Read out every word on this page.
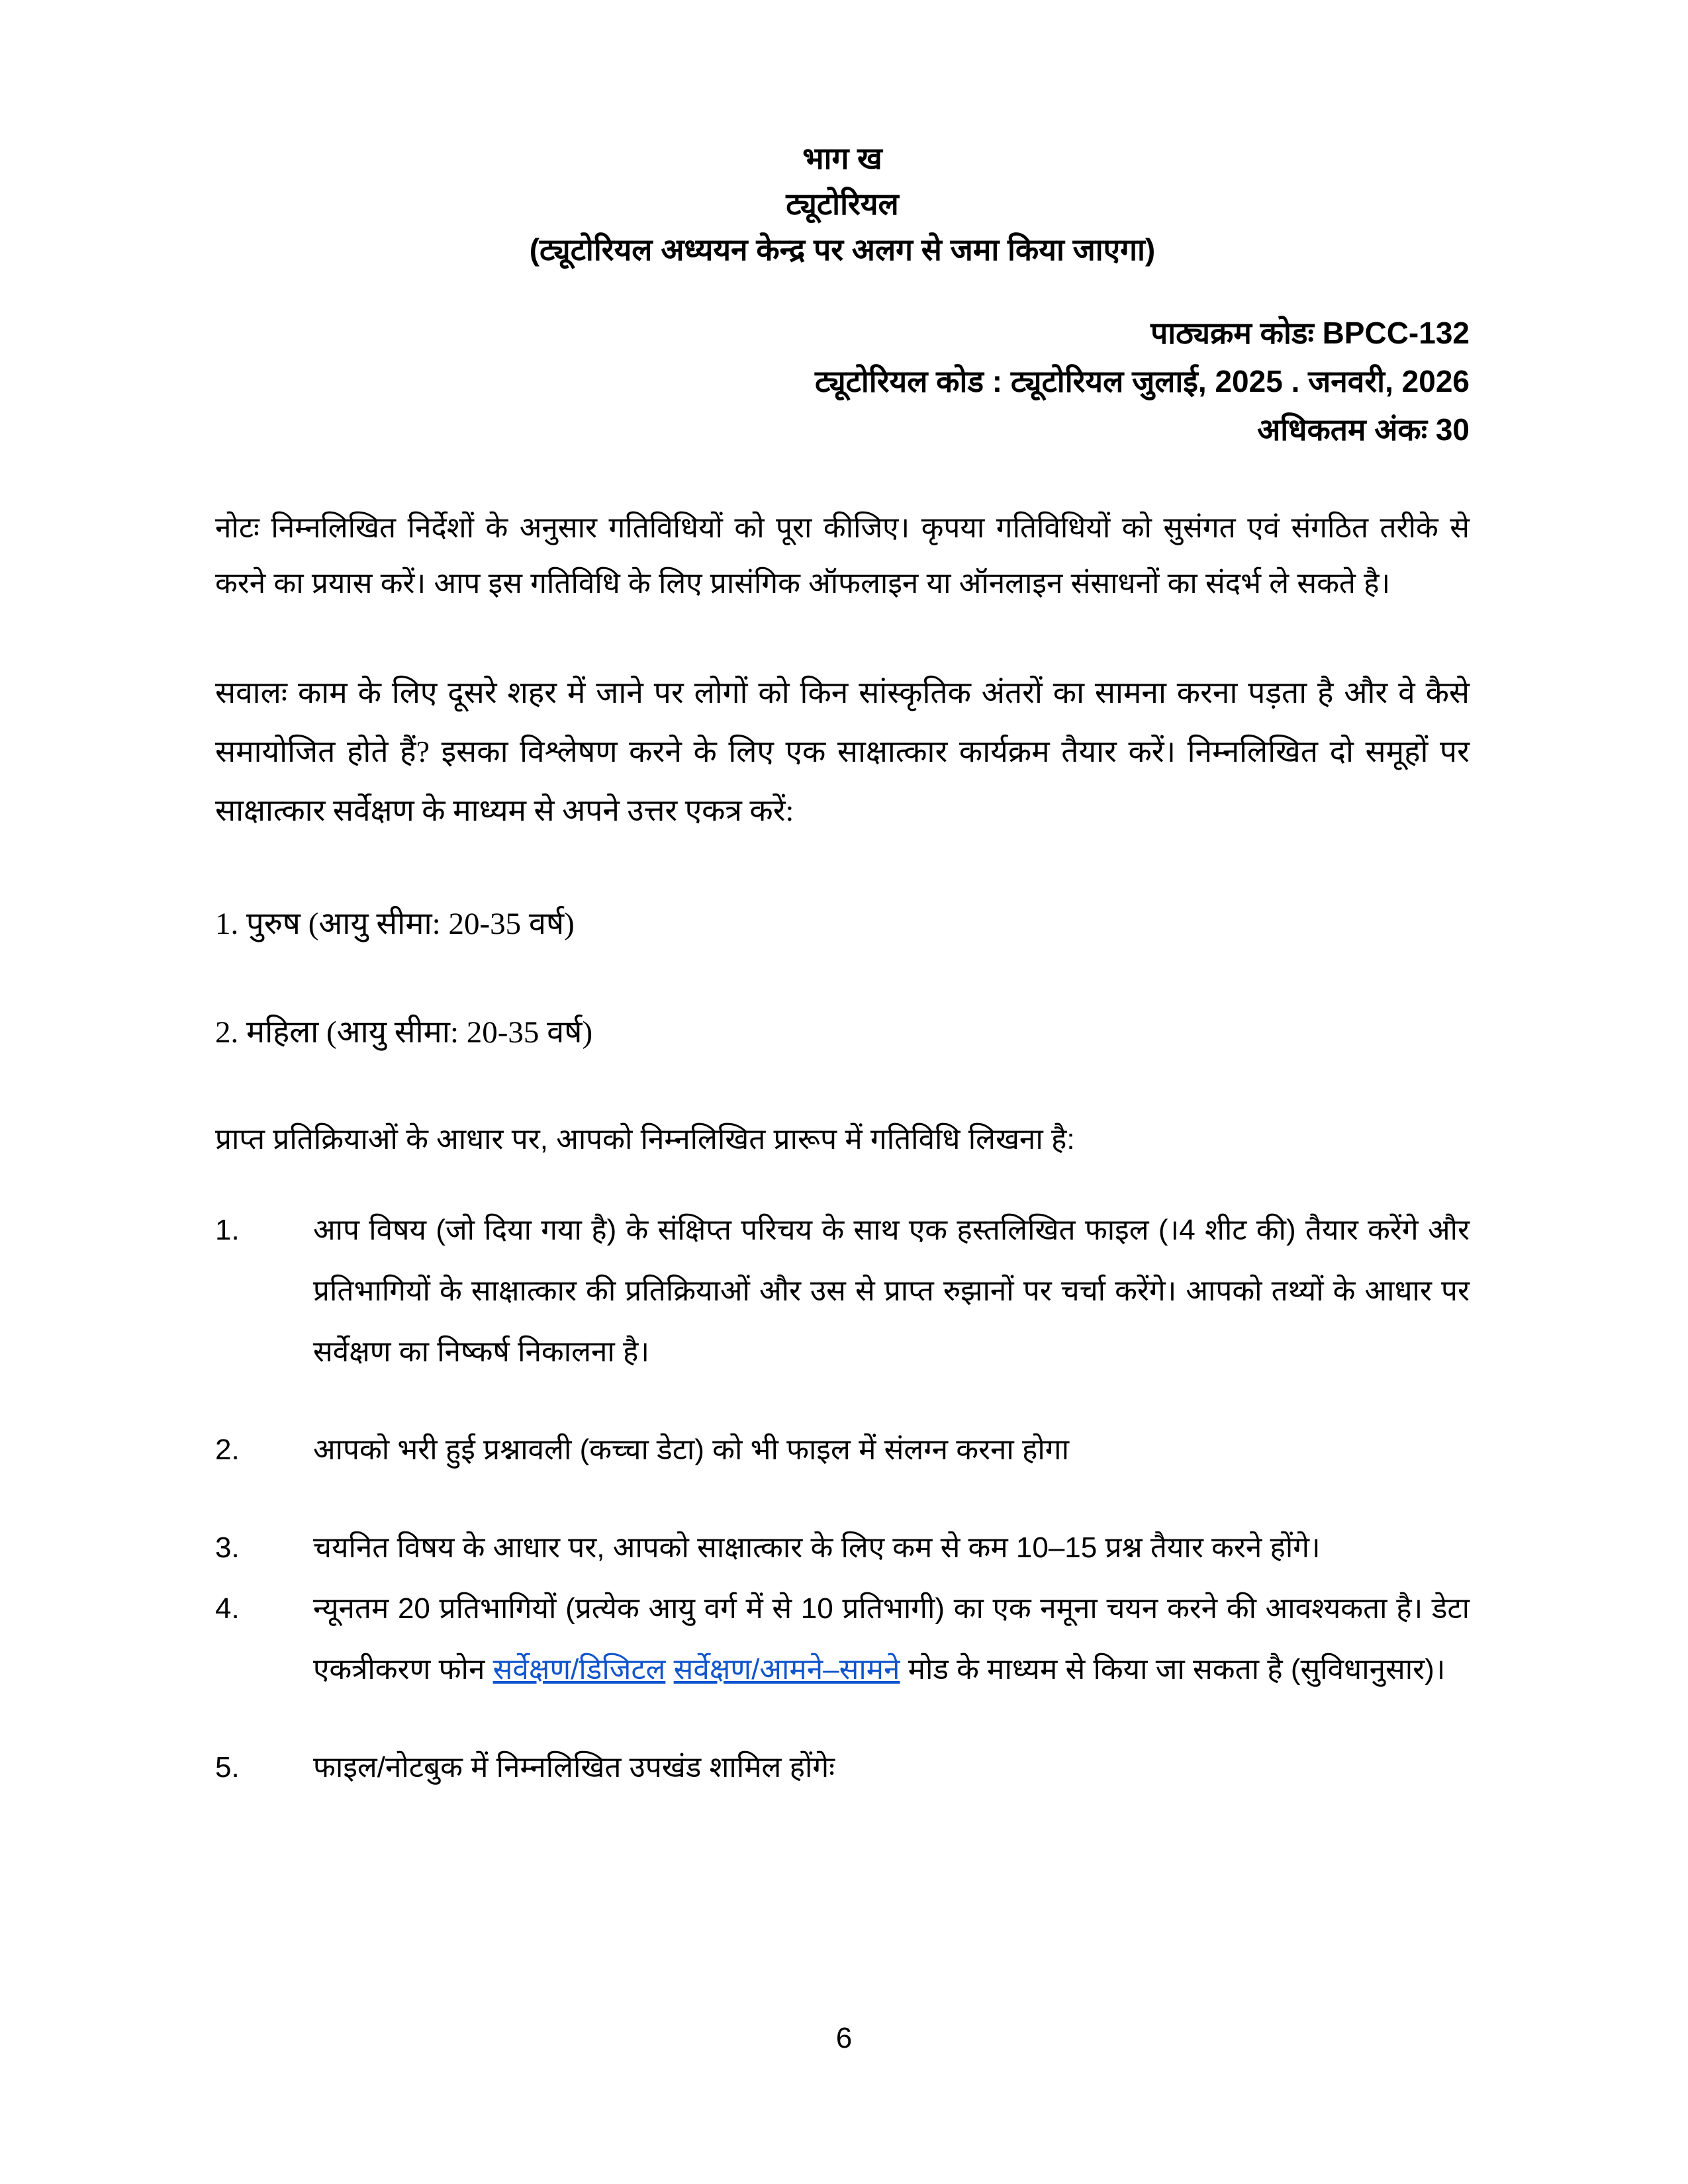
भाग ख
ट्यूटोरियल
(ट्यूटोरियल अध्ययन केन्द्र पर अलग से जमा किया जाएगा)
पाठ्यक्रम कोडः BPCC-132
ट्यूटोरियल कोड : ट्यूटोरियल जुलाई, 2025 . जनवरी, 2026
अधिकतम अंकः 30
नोटः निम्नलिखित निर्देशों के अनुसार गतिविधियों को पूरा कीजिए। कृपया गतिविधियों को सुसंगत एवं संगठित तरीके से करने का प्रयास करें। आप इस गतिविधि के लिए प्रासंगिक ऑफलाइन या ऑनलाइन संसाधनों का संदर्भ ले सकते है।
सवालः काम के लिए दूसरे शहर में जाने पर लोगों को किन सांस्कृतिक अंतरों का सामना करना पड़ता है और वे कैसे समायोजित होते हैं? इसका विश्लेषण करने के लिए एक साक्षात्कार कार्यक्रम तैयार करें। निम्नलिखित दो समूहों पर साक्षात्कार सर्वेक्षण के माध्यम से अपने उत्तर एकत्र करें:
1. पुरुष (आयु सीमा: 20-35 वर्ष)
2. महिला (आयु सीमा: 20-35 वर्ष)
प्राप्त प्रतिक्रियाओं के आधार पर, आपको निम्नलिखित प्रारूप में गतिविधि लिखना है:
1.	आप विषय (जो दिया गया है) के संक्षिप्त परिचय के साथ एक हस्तलिखित फाइल (।4 शीट की) तैयार करेंगे और प्रतिभागियों के साक्षात्कार की प्रतिक्रियाओं और उस से प्राप्त रुझानों पर चर्चा करेंगे। आपको तथ्यों के आधार पर सर्वेक्षण का निष्कर्ष निकालना है।
2.	आपको भरी हुई प्रश्नावली (कच्चा डेटा) को भी फाइल में संलग्न करना होगा
3.	चयनित विषय के आधार पर, आपको साक्षात्कार के लिए कम से कम 10–15 प्रश्न तैयार करने होंगे।
4.	न्यूनतम 20 प्रतिभागियों (प्रत्येक आयु वर्ग में से 10 प्रतिभागी) का एक नमूना चयन करने की आवश्यकता है। डेटा एकत्रीकरण फोन सर्वेक्षण/डिजिटल सर्वेक्षण/आमने–सामने मोड के माध्यम से किया जा सकता है (सुविधानुसार)।
5.	फाइल/नोटबुक में निम्नलिखित उपखंड शामिल होंगेः
6
